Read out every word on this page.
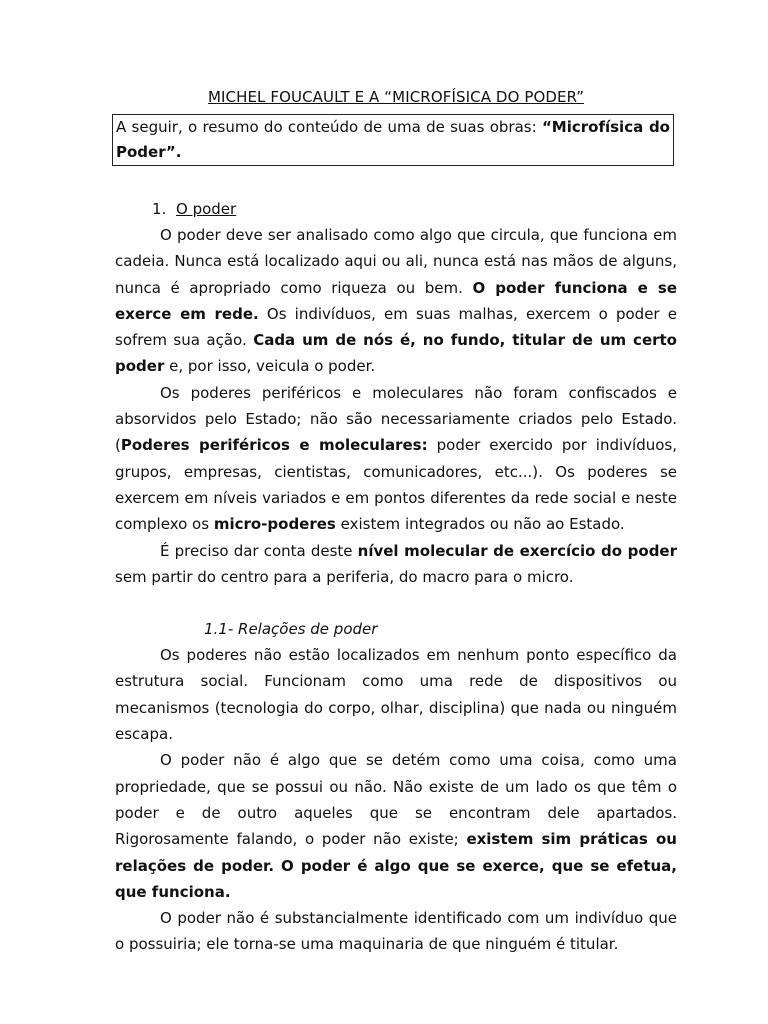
MICHEL FOUCAULT E A “MICROFÍSICA DO PODER”
A seguir, o resumo do conteúdo de uma de suas obras: “Microfísica do Poder”.
1. O poder

O poder deve ser analisado como algo que circula, que funciona em cadeia. Nunca está localizado aqui ou ali, nunca está nas mãos de alguns, nunca é apropriado como riqueza ou bem. O poder funciona e se exerce em rede. Os indivíduos, em suas malhas, exercem o poder e sofrem sua ação. Cada um de nós é, no fundo, titular de um certo poder e, por isso, veicula o poder.

Os poderes periféricos e moleculares não foram confiscados e absorvidos pelo Estado; não são necessariamente criados pelo Estado. (Poderes periféricos e moleculares: poder exercido por indivíduos, grupos, empresas, cientistas, comunicadores, etc...). Os poderes se exercem em níveis variados e em pontos diferentes da rede social e neste complexo os micro-poderes existem integrados ou não ao Estado.

É preciso dar conta deste nível molecular de exercício do poder sem partir do centro para a periferia, do macro para o micro.

1.1- Relações de poder

Os poderes não estão localizados em nenhum ponto específico da estrutura social. Funcionam como uma rede de dispositivos ou mecanismos (tecnologia do corpo, olhar, disciplina) que nada ou ninguém escapa.

O poder não é algo que se detém como uma coisa, como uma propriedade, que se possui ou não. Não existe de um lado os que têm o poder e de outro aqueles que se encontram dele apartados. Rigorosamente falando, o poder não existe; existem sim práticas ou relações de poder. O poder é algo que se exerce, que se efetua, que funciona.

O poder não é substancialmente identificado com um indivíduo que o possuiria; ele torna-se uma maquinaria de que ninguém é titular.
